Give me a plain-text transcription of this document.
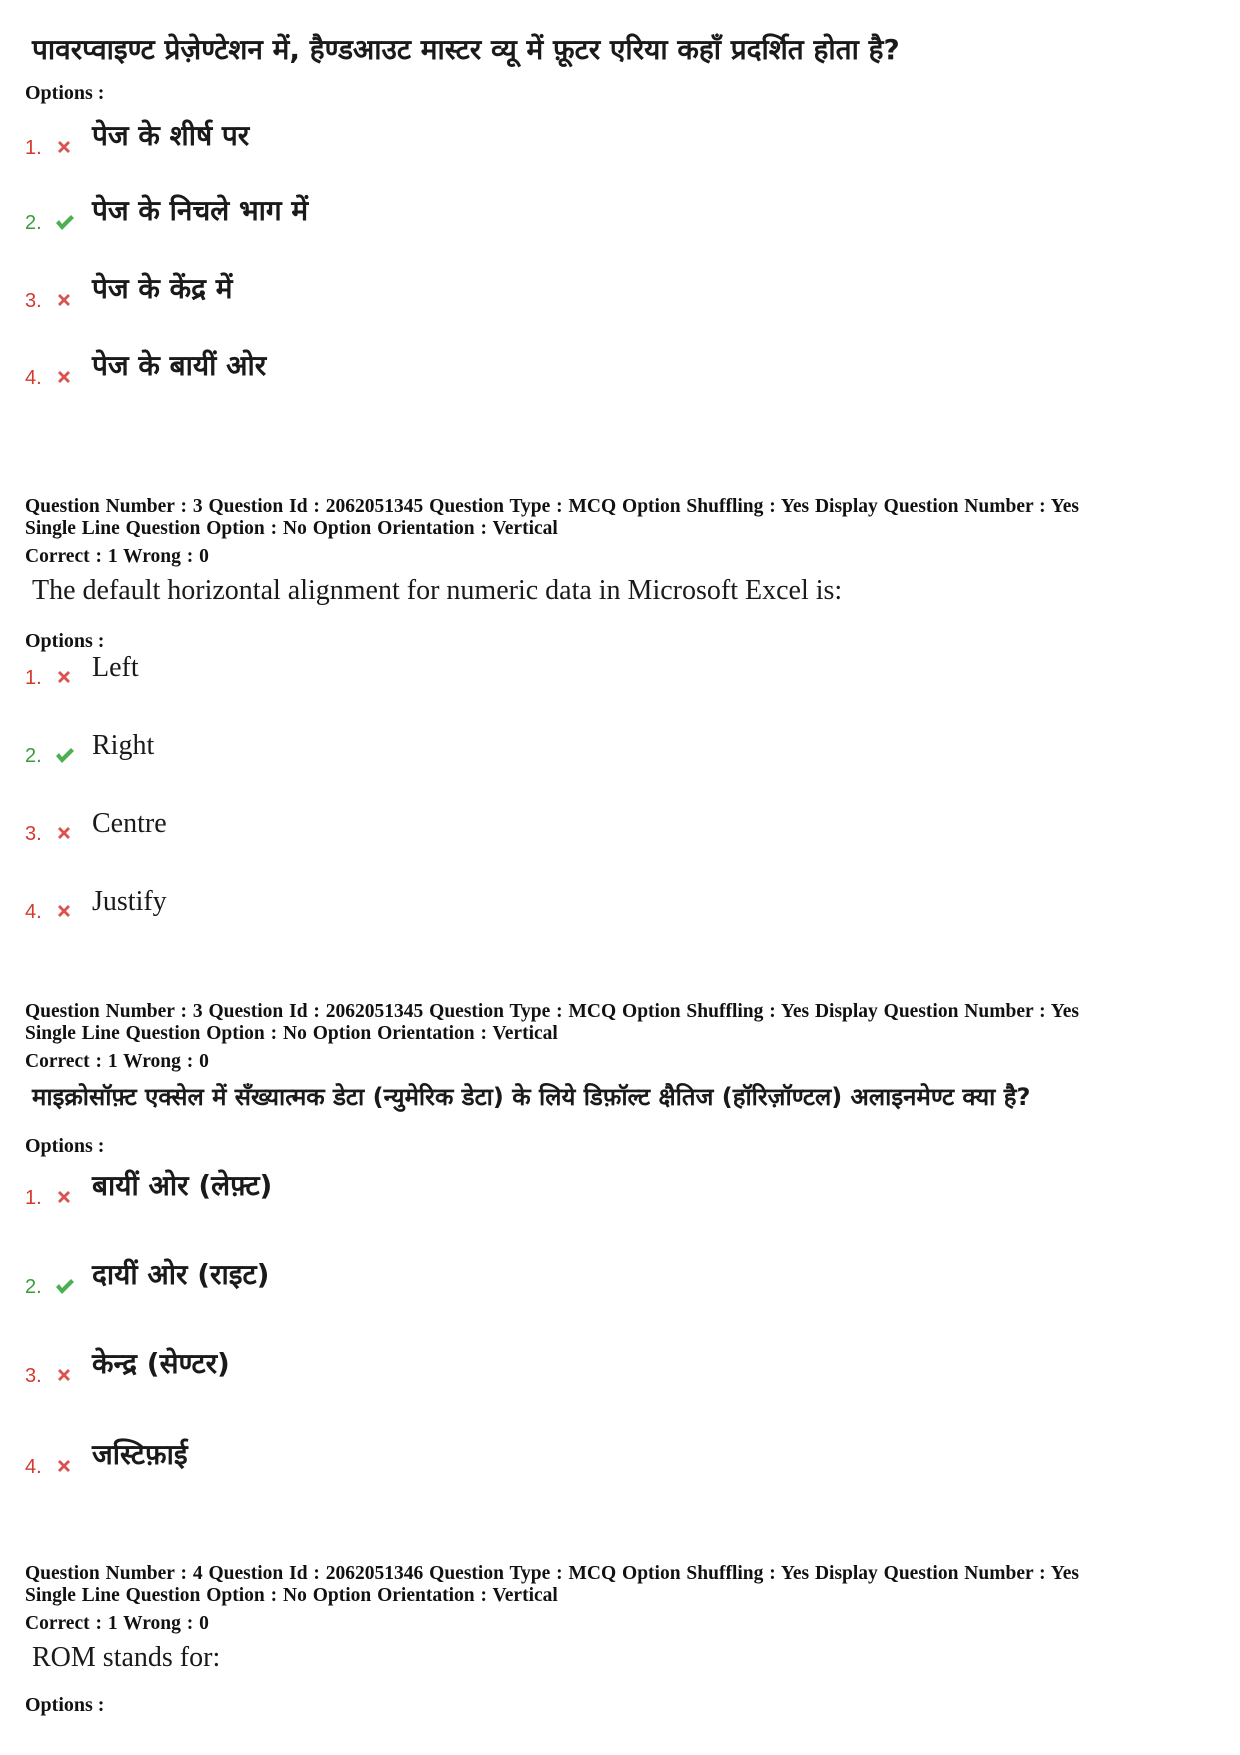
पावरप्वाइण्ट प्रेज़ेण्टेशन में, हैण्डआउट मास्टर व्यू में फ़ूटर एरिया कहाँ प्रदर्शित होता है?
Options :
1. पेज के शीर्ष पर
2. पेज के निचले भाग में
3. पेज के केंद्र में
4. पेज के बायीं ओर
Question Number : 3 Question Id : 2062051345 Question Type : MCQ Option Shuffling : Yes Display Question Number : Yes
Single Line Question Option : No Option Orientation : Vertical
Correct : 1 Wrong : 0
The default horizontal alignment for numeric data in Microsoft Excel is:
Options :
1. Left
2. Right
3. Centre
4. Justify
Question Number : 3 Question Id : 2062051345 Question Type : MCQ Option Shuffling : Yes Display Question Number : Yes
Single Line Question Option : No Option Orientation : Vertical
Correct : 1 Wrong : 0
माइक्रोसॉफ़्ट एक्सेल में सँख्यात्मक डेटा (न्युमेरिक डेटा) के लिये डिफ़ॉल्ट क्षैतिज (हॉरिज़ॉण्टल) अलाइनमेण्ट क्या है?
Options :
1. बायीं ओर (लेफ़्ट)
2. दायीं ओर (राइट)
3. केन्द्र (सेण्टर)
4. जस्टिफ़ाई
Question Number : 4 Question Id : 2062051346 Question Type : MCQ Option Shuffling : Yes Display Question Number : Yes
Single Line Question Option : No Option Orientation : Vertical
Correct : 1 Wrong : 0
ROM stands for:
Options :
